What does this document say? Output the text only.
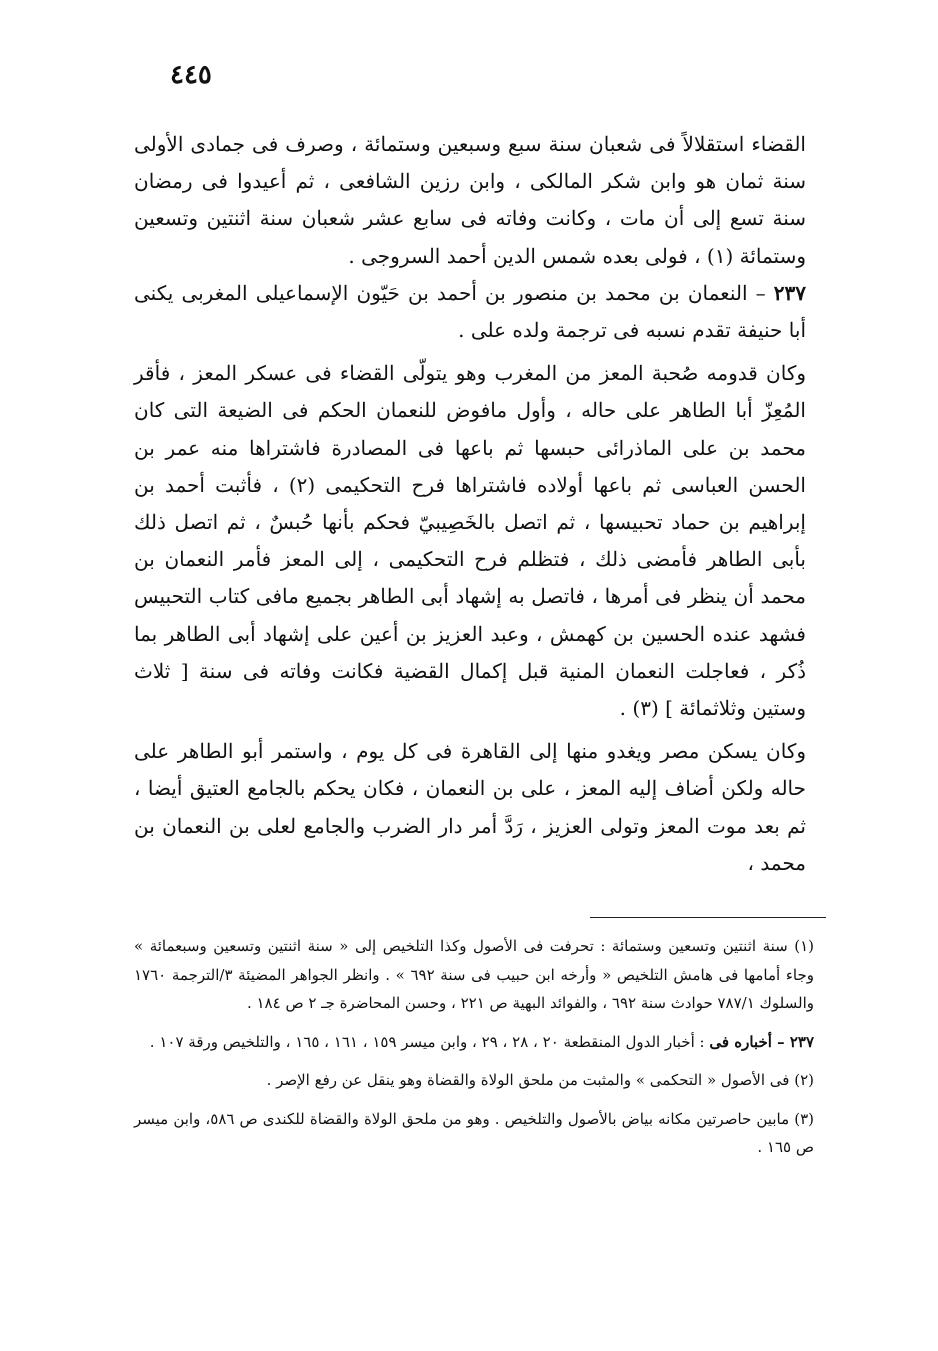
٤٤٥

القضاء استقلالاً فى شعبان سنة سبع وسبعين وستمائة ، وصرف فى جمادى الأولى سنة ثمان هو وابن شكر المالكى ، وابن رزين الشافعى ، ثم أعيدوا فى رمضان سنة تسع إلى أن مات ، وكانت وفاته فى سابع عشر شعبان سنة اثنتين وتسعين وستمائة (١) ، فولى بعده شمس الدين أحمد السروجى .

٢٣٧ – النعمان بن محمد بن منصور بن أحمد بن حَيّون الإسماعيلى المغربى يكنى أبا حنيفة تقدم نسبه فى ترجمة ولده على .

وكان قدومه صُحبة المعز من المغرب وهو يتولّى القضاء فى عسكر المعز ، فأقر المُعِزّ أبا الطاهر على حاله ، وأول مافوض للنعمان الحكم فى الضيعة التى كان محمد بن على الماذرائى حبسها ثم باعها فى المصادرة فاشتراها منه عمر بن الحسن العباسى ثم باعها أولاده فاشتراها فرح التحكيمى (٢) ، فأثبت أحمد بن إبراهيم بن حماد تحبيسها ، ثم اتصل بالخَصِيبيّ فحكم بأنها حُبسٌ ، ثم اتصل ذلك بأبى الطاهر فأمضى ذلك ، فتظلم فرح التحكيمى ، إلى المعز فأمر النعمان بن محمد أن ينظر فى أمرها ، فاتصل به إشهاد أبى الطاهر بجميع مافى كتاب التحبيس فشهد عنده الحسين بن كهمش ، وعبد العزيز بن أعين على إشهاد أبى الطاهر بما ذُكر ، فعاجلت النعمان المنية قبل إكمال القضية فكانت وفاته فى سنة [ ثلاث وستين وثلاثمائة ] (٣) .

وكان يسكن مصر ويغدو منها إلى القاهرة فى كل يوم ، واستمر أبو الطاهر على حاله ولكن أضاف إليه المعز ، على بن النعمان ، فكان يحكم بالجامع العتيق أيضا ، ثم بعد موت المعز وتولى العزيز ، رَدَّ أمر دار الضرب والجامع لعلى بن النعمان بن محمد ،

(١) سنة اثنتين وتسعين وستمائة : تحرفت فى الأصول وكذا التلخيص إلى « سنة اثنتين وتسعين وسبعمائة » وجاء أمامها فى هامش التلخيص « وأرخه ابن حبيب فى سنة ٦٩٢ » . وانظر الجواهر المضيئة ٣/الترجمة ١٧٦٠ والسلوك ٧٨٧/١ حوادث سنة ٦٩٢ ، والفوائد البهية ص ٢٢١ ، وحسن المحاضرة جـ ٢ ص ١٨٤ .

٢٣٧ – أخباره فى : أخبار الدول المنقطعة ٢٠ ، ٢٨ ، ٢٩ ، وابن ميسر ١٥٩ ، ١٦١ ، ١٦٥ ، والتلخيص ورقة ١٠٧ .

(٢) فى الأصول « التحكمى » والمثبت من ملحق الولاة والقضاة وهو ينقل عن رفع الإصر .

(٣) مابين حاصرتين مكانه بياض بالأصول والتلخيص . وهو من ملحق الولاة والقضاة للكندى ص ٥٨٦، وابن ميسر ص ١٦٥ .
